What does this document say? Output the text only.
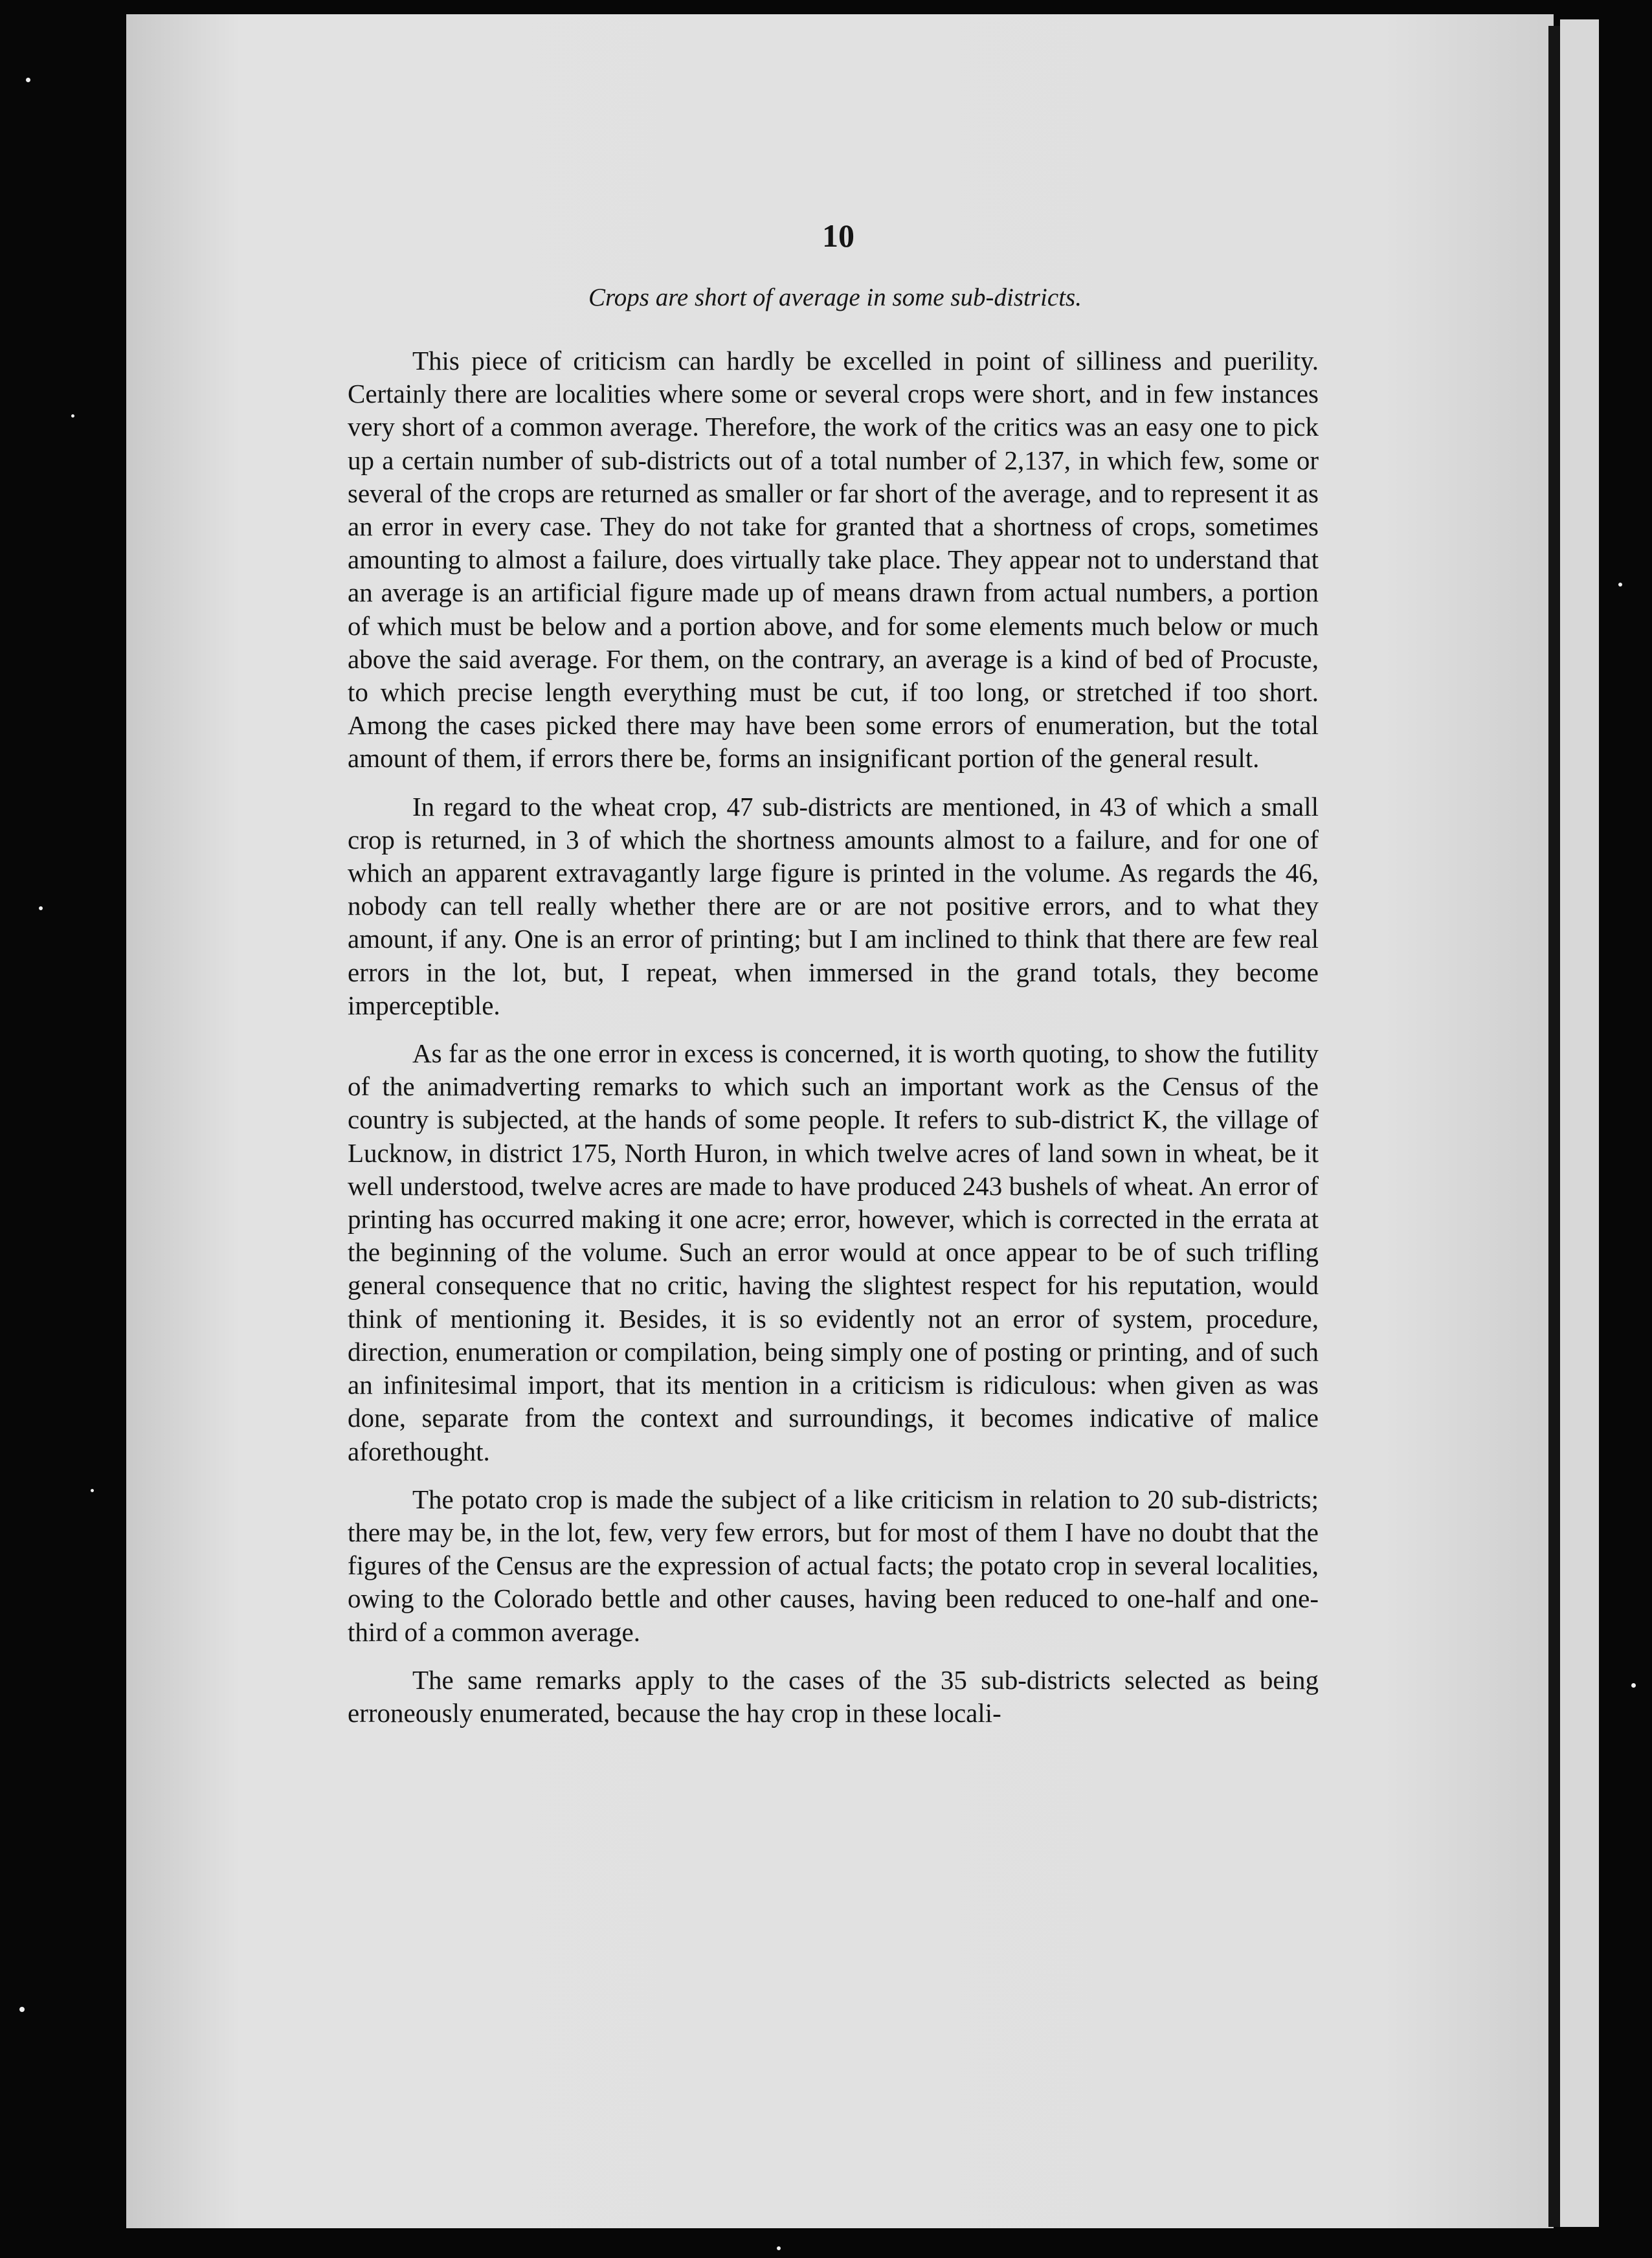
10
Crops are short of average in some sub-districts.

This piece of criticism can hardly be excelled in point of silliness and puerility. Certainly there are localities where some or several crops were short, and in few instances very short of a common average. Therefore, the work of the critics was an easy one to pick up a certain number of sub-districts out of a total number of 2,137, in which few, some or several of the crops are returned as smaller or far short of the average, and to represent it as an error in every case. They do not take for granted that a shortness of crops, sometimes amounting to almost a failure, does virtually take place. They appear not to understand that an average is an artificial figure made up of means drawn from actual numbers, a portion of which must be below and a portion above, and for some elements much below or much above the said average. For them, on the contrary, an average is a kind of bed of Procuste, to which precise length everything must be cut, if too long, or stretched if too short. Among the cases picked there may have been some errors of enumeration, but the total amount of them, if errors there be, forms an insignificant portion of the general result.

In regard to the wheat crop, 47 sub-districts are mentioned, in 43 of which a small crop is returned, in 3 of which the shortness amounts almost to a failure, and for one of which an apparent extravagantly large figure is printed in the volume. As regards the 46, nobody can tell really whether there are or are not positive errors, and to what they amount, if any. One is an error of printing; but I am inclined to think that there are few real errors in the lot, but, I repeat, when immersed in the grand totals, they become imperceptible.

As far as the one error in excess is concerned, it is worth quoting, to show the futility of the animadverting remarks to which such an important work as the Census of the country is subjected, at the hands of some people. It refers to sub-district K, the village of Lucknow, in district 175, North Huron, in which twelve acres of land sown in wheat, be it well understood, twelve acres are made to have produced 243 bushels of wheat. An error of printing has occurred making it one acre; error, however, which is corrected in the errata at the beginning of the volume. Such an error would at once appear to be of such trifling general consequence that no critic, having the slightest respect for his reputation, would think of mentioning it. Besides, it is so evidently not an error of system, procedure, direction, enumeration or compilation, being simply one of posting or printing, and of such an infinitesimal import, that its mention in a criticism is ridiculous: when given as was done, separate from the context and surroundings, it becomes indicative of malice aforethought.

The potato crop is made the subject of a like criticism in relation to 20 sub-districts; there may be, in the lot, few, very few errors, but for most of them I have no doubt that the figures of the Census are the expression of actual facts; the potato crop in several localities, owing to the Colorado bettle and other causes, having been reduced to one-half and one-third of a common average.

The same remarks apply to the cases of the 35 sub-districts selected as being erroneously enumerated, because the hay crop in these locali-
